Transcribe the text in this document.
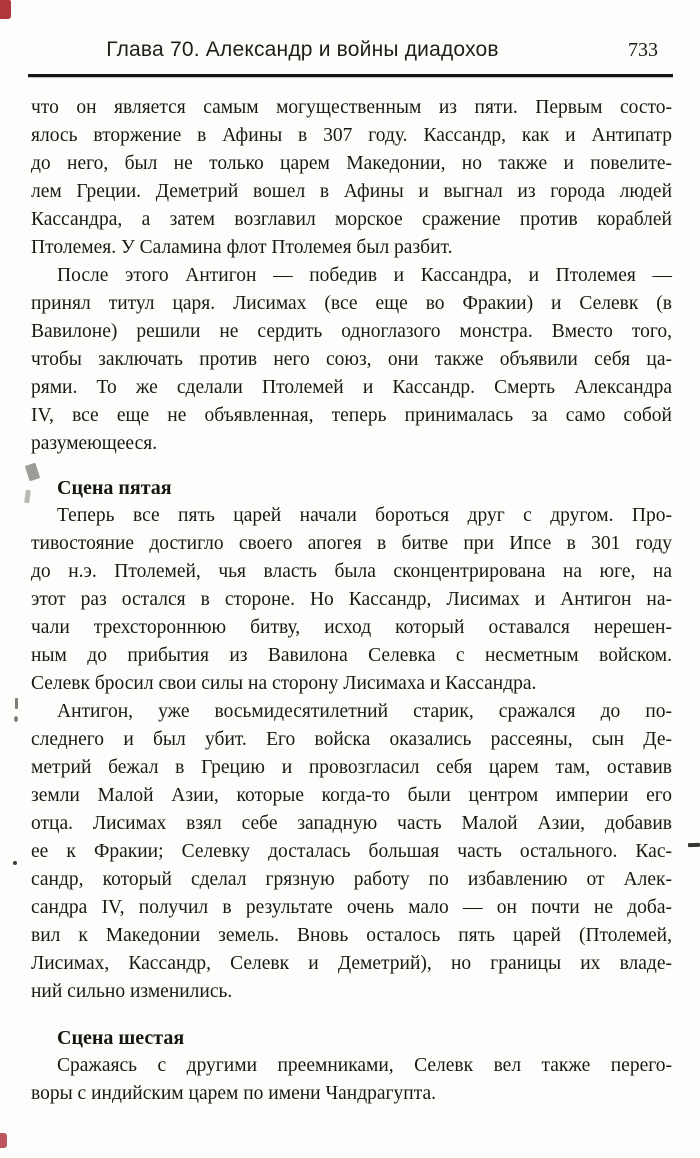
Глава 70. Александр и войны диадохов	733
что он является самым могущественным из пяти. Первым состо-
ялось вторжение в Афины в 307 году. Кассандр, как и Антипатр
до него, был не только царем Македонии, но также и повелите-
лем Греции. Деметрий вошел в Афины и выгнал из города людей
Кассандра, а затем возглавил морское сражение против кораблей
Птолемея. У Саламина флот Птолемея был разбит.
После этого Антигон — победив и Кассандра, и Птолемея —
принял титул царя. Лисимах (все еще во Фракии) и Селевк (в
Вавилоне) решили не сердить одноглазого монстра. Вместо того,
чтобы заключать против него союз, они также объявили себя ца-
рями. То же сделали Птолемей и Кассандр. Смерть Александра
IV, все еще не объявленная, теперь принималась за само собой
разумеющееся.
Сцена пятая
Теперь все пять царей начали бороться друг с другом. Про-
тивостояние достигло своего апогея в битве при Ипсе в 301 году
до н.э. Птолемей, чья власть была сконцентрирована на юге, на
этот раз остался в стороне. Но Кассандр, Лисимах и Антигон на-
чали трехстороннюю битву, исход который оставался нерешен-
ным до прибытия из Вавилона Селевка с несметным войском.
Селевк бросил свои силы на сторону Лисимаха и Кассандра.
Антигон, уже восьмидесятилетний старик, сражался до по-
следнего и был убит. Его войска оказались рассеяны, сын Де-
метрий бежал в Грецию и провозгласил себя царем там, оставив
земли Малой Азии, которые когда-то были центром империи его
отца. Лисимах взял себе западную часть Малой Азии, добавив
ее к Фракии; Селевку досталась большая часть остального. Кас-
сандр, который сделал грязную работу по избавлению от Алек-
сандра IV, получил в результате очень мало — он почти не доба-
вил к Македонии земель. Вновь осталось пять царей (Птолемей,
Лисимах, Кассандр, Селевк и Деметрий), но границы их владе-
ний сильно изменились.
Сцена шестая
Сражаясь с другими преемниками, Селевк вел также перего-
воры с индийским царем по имени Чандрагупта.
